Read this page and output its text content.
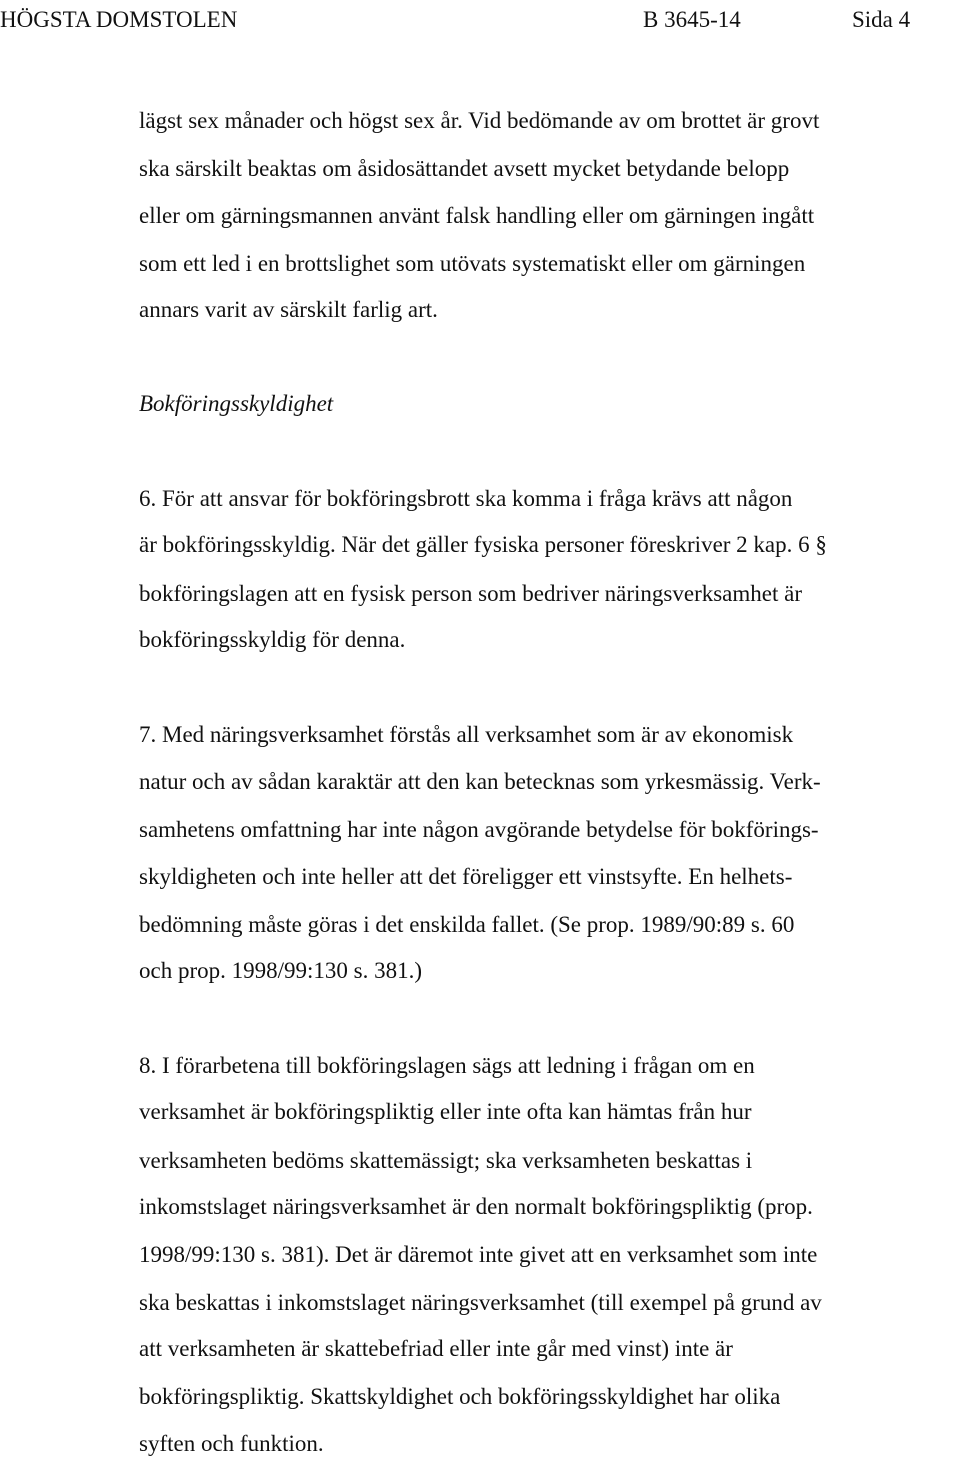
HÖGSTA DOMSTOLEN	B 3645-14	Sida 4
lägst sex månader och högst sex år. Vid bedömande av om brottet är grovt
ska särskilt beaktas om åsidosättandet avsett mycket betydande belopp
eller om gärningsmannen använt falsk handling eller om gärningen ingått
som ett led i en brottslighet som utövats systematiskt eller om gärningen
annars varit av särskilt farlig art.
Bokföringsskyldighet
6. För att ansvar för bokföringsbrott ska komma i fråga krävs att någon
är bokföringsskyldig. När det gäller fysiska personer föreskriver 2 kap. 6 §
bokföringslagen att en fysisk person som bedriver näringsverksamhet är
bokföringsskyldig för denna.
7. Med näringsverksamhet förstås all verksamhet som är av ekonomisk
natur och av sådan karaktär att den kan betecknas som yrkesmässig. Verk-
samhetens omfattning har inte någon avgörande betydelse för bokförings-
skyldigheten och inte heller att det föreligger ett vinstsyfte. En helhets-
bedömning måste göras i det enskilda fallet. (Se prop. 1989/90:89 s. 60
och prop. 1998/99:130 s. 381.)
8. I förarbetena till bokföringslagen sägs att ledning i frågan om en
verksamhet är bokföringspliktig eller inte ofta kan hämtas från hur
verksamheten bedöms skattemässigt; ska verksamheten beskattas i
inkomstslaget näringsverksamhet är den normalt bokföringspliktig (prop.
1998/99:130 s. 381). Det är däremot inte givet att en verksamhet som inte
ska beskattas i inkomstslaget näringsverksamhet (till exempel på grund av
att verksamheten är skattebefriad eller inte går med vinst) inte är
bokföringspliktig. Skattskyldighet och bokföringsskyldighet har olika
syften och funktion.
